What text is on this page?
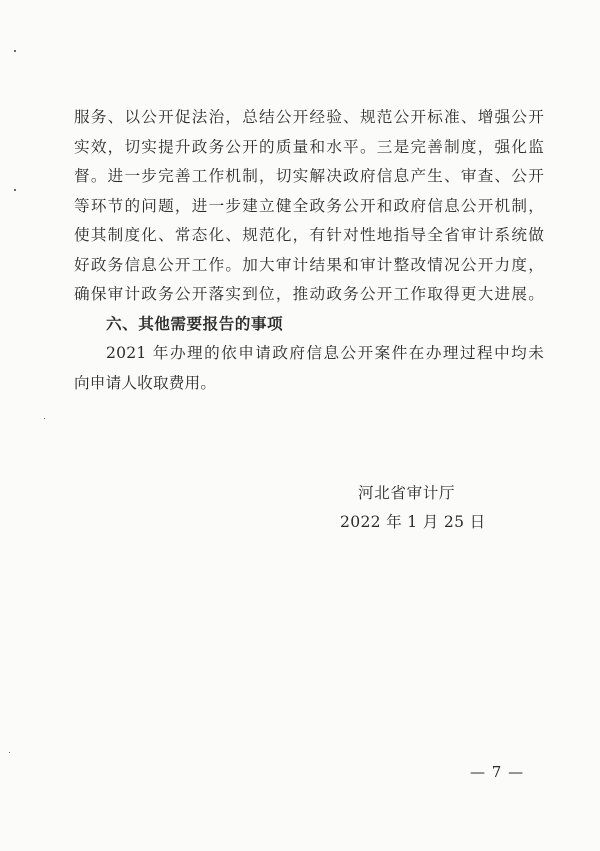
服务、以公开促法治，总结公开经验、规范公开标准、增强公开
实效，切实提升政务公开的质量和水平。三是完善制度，强化监
督。进一步完善工作机制，切实解决政府信息产生、审查、公开
等环节的问题，进一步建立健全政务公开和政府信息公开机制，
使其制度化、常态化、规范化，有针对性地指导全省审计系统做
好政务信息公开工作。加大审计结果和审计整改情况公开力度，
确保审计政务公开落实到位，推动政务公开工作取得更大进展。
六、其他需要报告的事项
2021 年办理的依申请政府信息公开案件在办理过程中均未
向申请人收取费用。
河北省审计厅
2022 年 1 月 25 日
— 7 —
